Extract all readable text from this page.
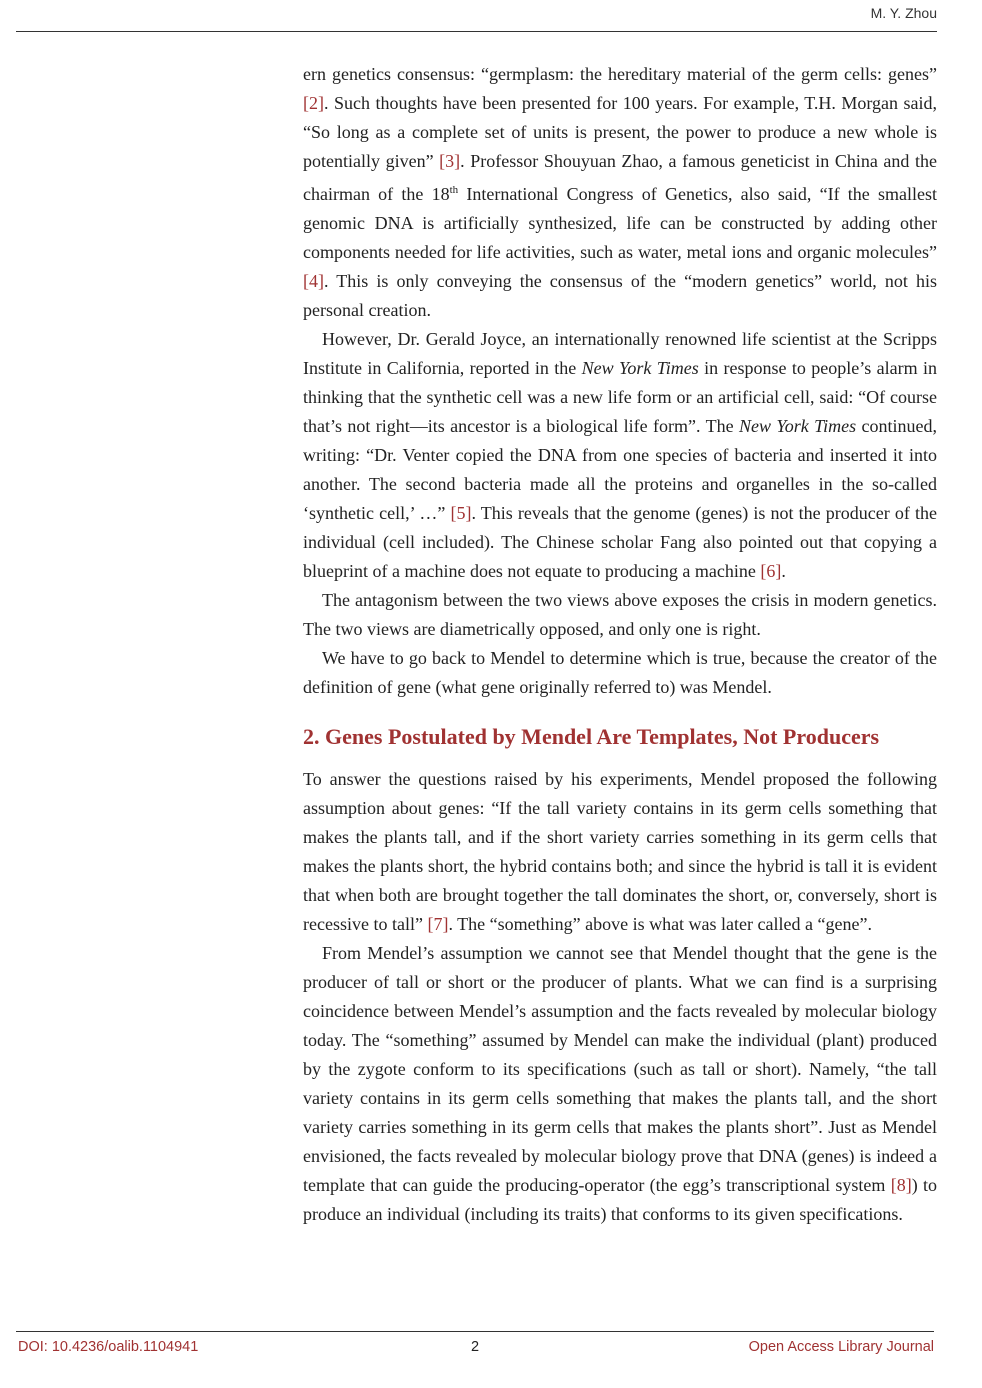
M. Y. Zhou

ern genetics consensus: “germplasm: the hereditary material of the germ cells: genes” [2]. Such thoughts have been presented for 100 years. For example, T.H. Morgan said, “So long as a complete set of units is present, the power to produce a new whole is potentially given” [3]. Professor Shouyuan Zhao, a famous geneticist in China and the chairman of the 18th International Congress of Genetics, also said, “If the smallest genomic DNA is artificially synthesized, life can be constructed by adding other components needed for life activities, such as water, metal ions and organic molecules” [4]. This is only conveying the consensus of the “modern genetics” world, not his personal creation.

However, Dr. Gerald Joyce, an internationally renowned life scientist at the Scripps Institute in California, reported in the New York Times in response to people’s alarm in thinking that the synthetic cell was a new life form or an artificial cell, said: “Of course that’s not right—its ancestor is a biological life form”. The New York Times continued, writing: “Dr. Venter copied the DNA from one species of bacteria and inserted it into another. The second bacteria made all the proteins and organelles in the so-called ‘synthetic cell,’ …” [5]. This reveals that the genome (genes) is not the producer of the individual (cell included). The Chinese scholar Fang also pointed out that copying a blueprint of a machine does not equate to producing a machine [6].

The antagonism between the two views above exposes the crisis in modern genetics. The two views are diametrically opposed, and only one is right.

We have to go back to Mendel to determine which is true, because the creator of the definition of gene (what gene originally referred to) was Mendel.

2. Genes Postulated by Mendel Are Templates, Not Producers

To answer the questions raised by his experiments, Mendel proposed the following assumption about genes: “If the tall variety contains in its germ cells something that makes the plants tall, and if the short variety carries something in its germ cells that makes the plants short, the hybrid contains both; and since the hybrid is tall it is evident that when both are brought together the tall dominates the short, or, conversely, short is recessive to tall” [7]. The “something” above is what was later called a “gene”.

From Mendel’s assumption we cannot see that Mendel thought that the gene is the producer of tall or short or the producer of plants. What we can find is a surprising coincidence between Mendel’s assumption and the facts revealed by molecular biology today. The “something” assumed by Mendel can make the individual (plant) produced by the zygote conform to its specifications (such as tall or short). Namely, “the tall variety contains in its germ cells something that makes the plants tall, and the short variety carries something in its germ cells that makes the plants short”. Just as Mendel envisioned, the facts revealed by molecular biology prove that DNA (genes) is indeed a template that can guide the producing-operator (the egg’s transcriptional system [8]) to produce an individual (including its traits) that conforms to its given specifications.

DOI: 10.4236/oalib.1104941	2	Open Access Library Journal
